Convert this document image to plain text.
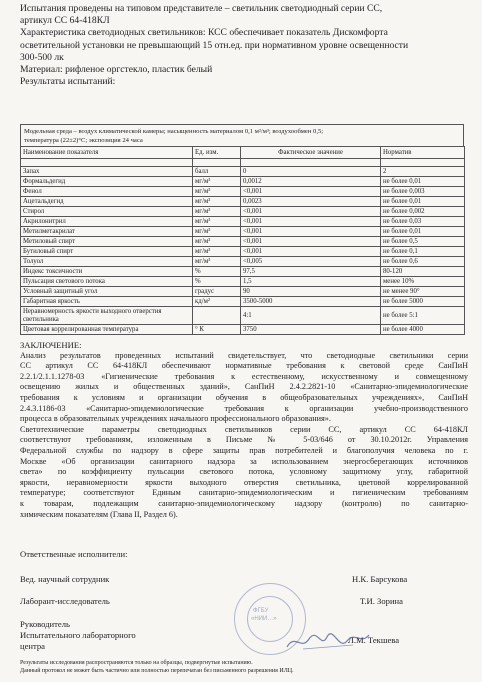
Испытания проведены на типовом представителе – светильник светодиодный серии СС,
артикул СС 64-418КЛ
Характеристика светодиодных светильников: КСС обеспечивает показатель Дискомфорта
осветительной установки не превышающий 15 отн.ед. при нормативном уровне освещенности
300-500 лк
Материал: рифленое оргстекло, пластик белый
Результаты испытаний:
Модельная среда – воздух климатической камеры; насыщенность материалом 0,1 м²/м³; воздухообмен 0,5;
температура (22±2)°С; экспозиция 24 часа
Наименование показателя	Ед. изм.	Фактическое значение	Норматив

Запах	балл	0	2
Формальдегид	мг/м³	0,0012	не более 0,01
Фенол	мг/м³	<0,001	не более 0,003
Ацетальдегид	мг/м³	0,0023	не более 0,01
Стирол	мг/м³	<0,001	не более 0,002
Акрилонитрил	мг/м³	<0,001	не более 0,03
Метилметакрилат	мг/м³	<0,001	не более 0,01
Метиловый спирт	мг/м³	<0,001	не более 0,5
Бутиловый спирт	мг/м³	<0,001	не более 0,1
Толуол	мг/м³	<0,005	не более 0,6
Индекс токсичности	%	97,5	80-120
Пульсация светового потока	%	1,5	менее 10%
Условный защитный угол	градус	90	не менее 90°
Габаритная яркость	кд/м²	3500-5000	не более 5000
Неравномерность яркости выходного отверстия светильника		4:1	не более 5:1
Цветовая коррелированная температура	° К	3750	не более 4000
ЗАКЛЮЧЕНИЕ:
Анализ результатов проведенных испытаний свидетельствует, что светодиодные светильники серии
СС артикул СС 64-418КЛ обеспечивают нормативные требования к световой среде СанПиН
2.2.1/2.1.1.1278-03 «Гигиенические требования к естественному, искусственному и совмещенному
освещению жилых и общественных зданий», СанПиН 2.4.2.2821-10 «Санитарно-эпидемиологические
требования к условиям и организации обучения в общеобразовательных учреждениях», СанПиН
2.4.3.1186-03 «Санитарно-эпидемиологические требования к организации учебно-производственного
процесса в образовательных учреждениях начального профессионального образования».
Светотехнические параметры светодиодных светильников серии СС, артикул СС 64-418КЛ
соответствуют требованиям, изложенным в Письме № 5-03/646 от 30.10.2012г. Управления
Федеральной службы по надзору в сфере защиты прав потребителей и благополучия человека по г.
Москве «Об организации санитарного надзора за использованием энергосберегающих источников
света» по коэффициенту пульсации светового потока, условному защитному углу, габаритной
яркости, неравномерности яркости выходного отверстия светильника, цветовой коррелированной
температуре; соответствуют Единым санитарно-эпидемиологическим и гигиеническим требованиям
к товарам, подлежащим санитарно-эпидемиологическому надзору (контролю) по санитарно-
химическим показателям (Глава II, Раздел 6).
Ответственные исполнители:
Вед. научный сотрудник	Н.К. Барсукова
Лаборант-исследователь	Т.И. Зорина
Руководитель
Испытательного лабораторного
центра
Л.М. Текшева
ФГБУ
«НИИ…»
Результаты исследования распространяются только на образцы, подвергнутые испытанию.
Данный протокол не может быть частично или полностью перепечатан без письменного разрешения ИЛЦ.
